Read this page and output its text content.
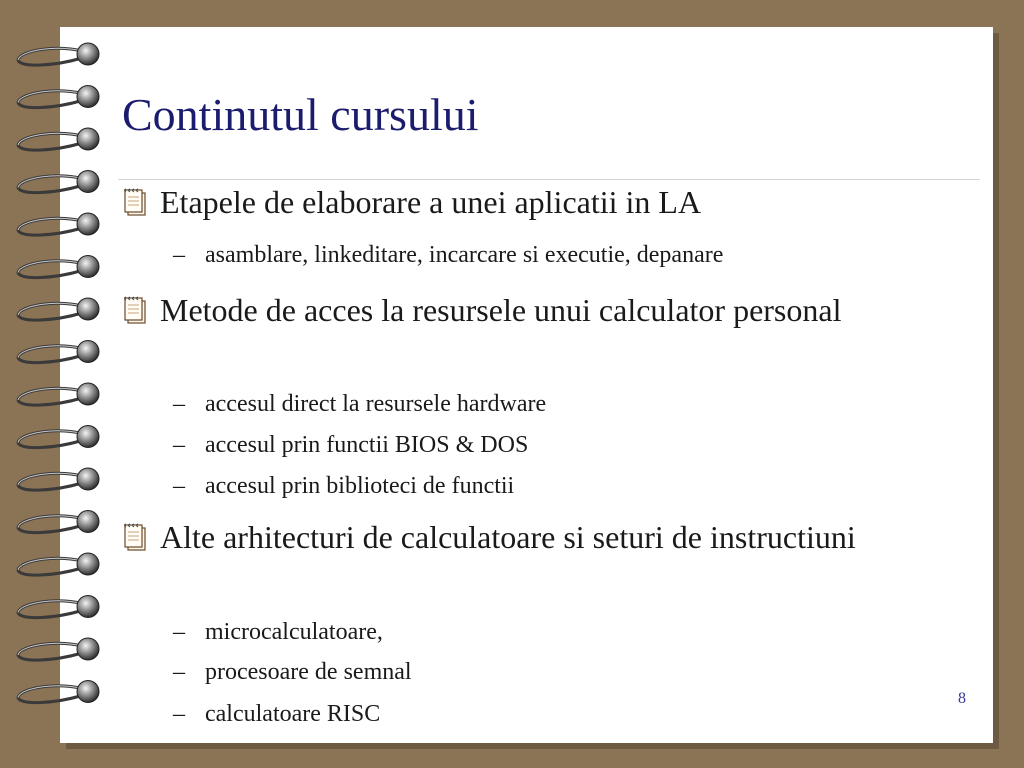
Continutul cursului
Etapele de elaborare a unei aplicatii in LA
– asamblare, linkeditare, incarcare si executie, depanare
Metode de acces la resursele unui calculator personal
– accesul direct la resursele hardware
– accesul prin functii BIOS & DOS
– accesul prin biblioteci de functii
Alte arhitecturi de calculatoare si seturi de instructiuni
– microcalculatoare,
– procesoare de semnal
– calculatoare RISC
8
